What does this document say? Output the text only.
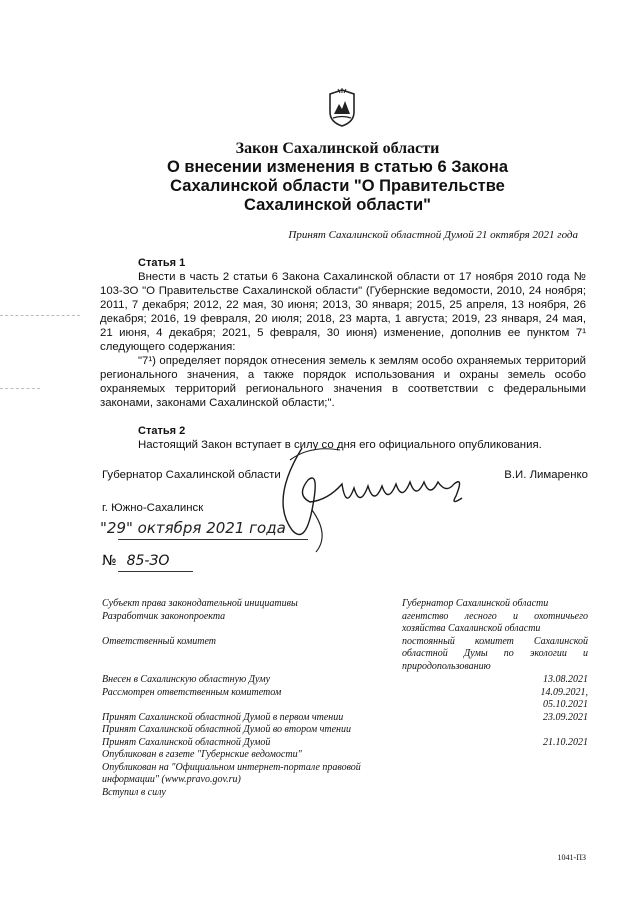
Закон Сахалинской области
О внесении изменения в статью 6 Закона
Сахалинской области "О Правительстве
Сахалинской области"
Принят Сахалинской областной Думой 21 октября 2021 года
Статья 1

Внести в часть 2 статьи 6 Закона Сахалинской области от 17 ноября 2010 года № 103-ЗО "О Правительстве Сахалинской области" (Губернские ведомости, 2010, 24 ноября; 2011, 7 декабря; 2012, 22 мая, 30 июня; 2013, 30 января; 2015, 25 апреля, 13 ноября, 26 декабря; 2016, 19 февраля, 20 июля; 2018, 23 марта, 1 августа; 2019, 23 января, 24 мая, 21 июня, 4 декабря; 2021, 5 февраля, 30 июня) изменение, дополнив ее пунктом 7¹ следующего содержания:

"7¹) определяет порядок отнесения земель к землям особо охраняемых территорий регионального значения, а также порядок использования и охраны земель особо охраняемых территорий регионального значения в соответствии с федеральными законами, законами Сахалинской области;".

Статья 2

Настоящий Закон вступает в силу со дня его официального опубликования.

Губернатор Сахалинской области	В.И. Лимаренко
г. Южно-Сахалинск
"29" октября 2021 года
№ 85-ЗО
Субъект права законодательной инициативы
Разработчик законопроекта
Ответственный комитет
Губернатор Сахалинской области
агентство лесного и охотничьего хозяйства Сахалинской области
постоянный комитет Сахалинской областной Думы по экологии и природопользованию
Внесен в Сахалинскую областную Думу
Рассмотрен ответственным комитетом
Принят Сахалинской областной Думой в первом чтении
Принят Сахалинской областной Думой во втором чтении
Принят Сахалинской областной Думой
Опубликован в газете "Губернские ведомости"
Опубликован на "Официальном интернет-портале правовой информации" (www.pravo.gov.ru)
Вступил в силу
13.08.2021
14.09.2021,
05.10.2021
23.09.2021
21.10.2021
1041-ПЗ
